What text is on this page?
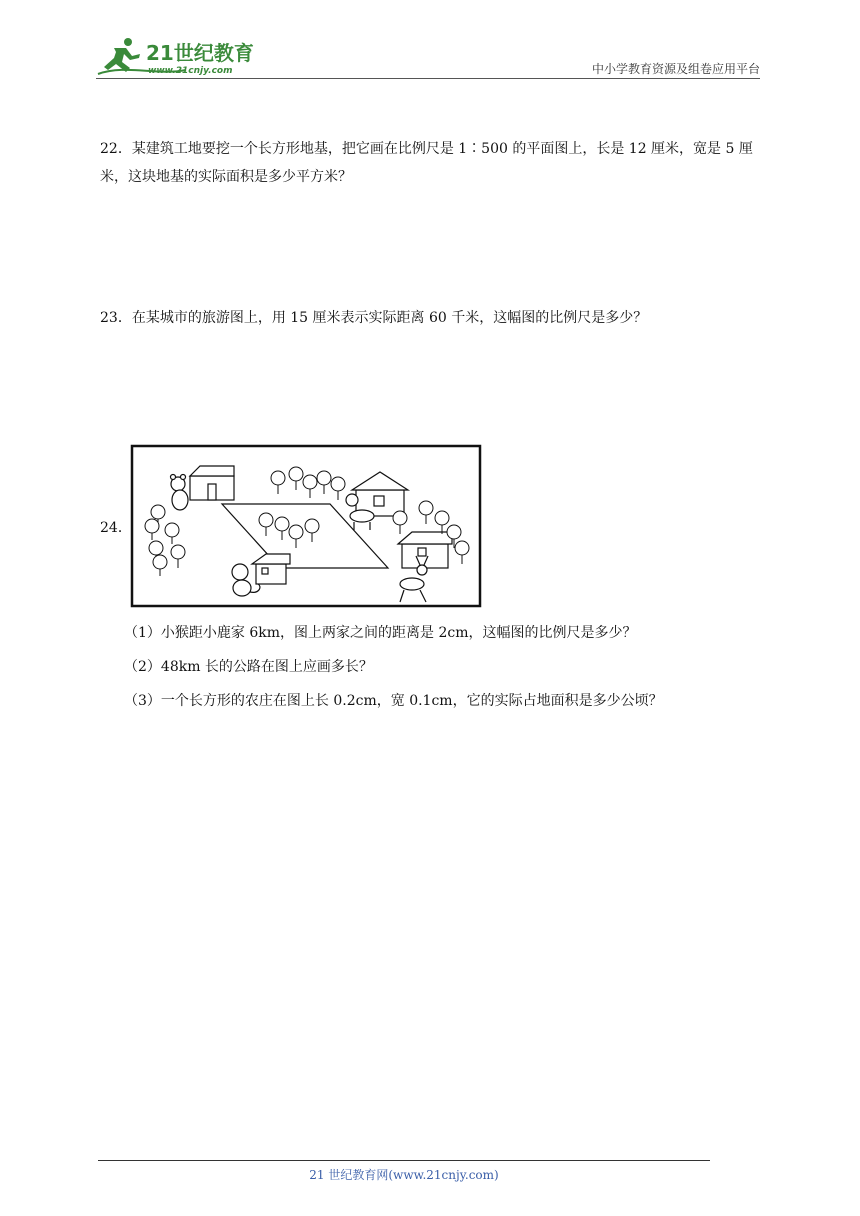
21世纪教育
www.21cnjy.com	中小学教育资源及组卷应用平台
22．某建筑工地要挖一个长方形地基，把它画在比例尺是 1∶500 的平面图上，长是 12 厘米，宽是 5 厘米，这块地基的实际面积是多少平方米？
23．在某城市的旅游图上，用 15 厘米表示实际距离 60 千米，这幅图的比例尺是多少？
24．
（1）小猴距小鹿家 6km，图上两家之间的距离是 2cm，这幅图的比例尺是多少？
（2）48km 长的公路在图上应画多长？
（3）一个长方形的农庄在图上长 0.2cm，宽 0.1cm，它的实际占地面积是多少公顷？
21 世纪教育网(www.21cnjy.com)
